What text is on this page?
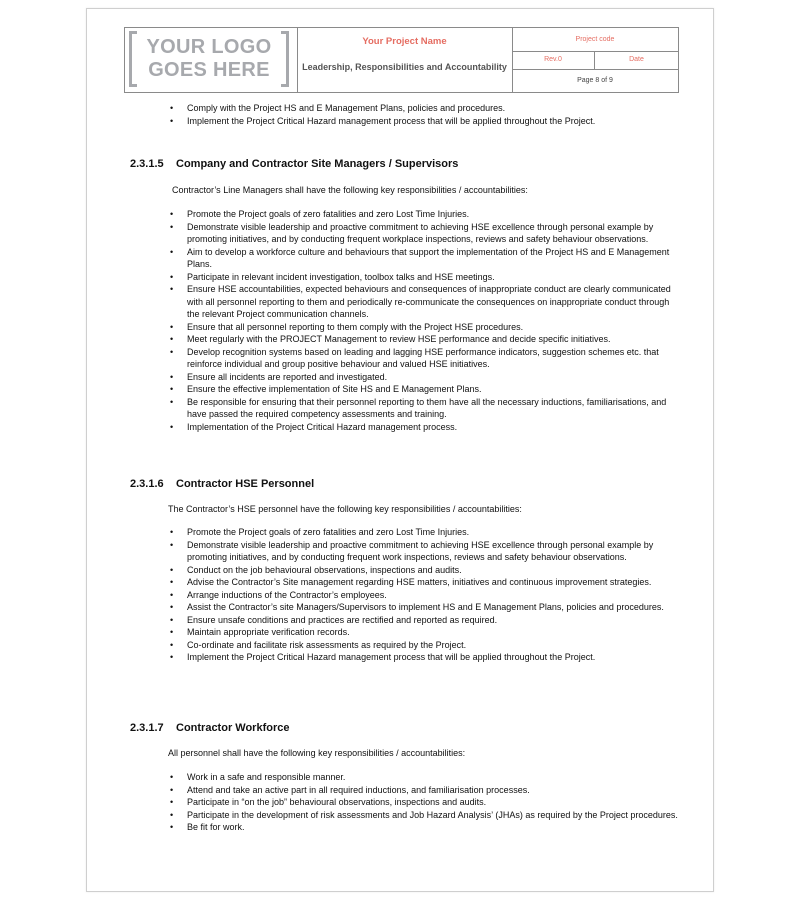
YOUR LOGO
GOES HERE
Your Project Name
Leadership, Responsibilities and Accountability
Project code
Rev.0	Date
Page 8 of 9
• Comply with the Project HS and E Management Plans, policies and procedures.
• Implement the Project Critical Hazard management process that will be applied throughout the Project.
2.3.1.5 Company and Contractor Site Managers / Supervisors

Contractor’s Line Managers shall have the following key responsibilities / accountabilities:

• Promote the Project goals of zero fatalities and zero Lost Time Injuries.
• Demonstrate visible leadership and proactive commitment to achieving HSE excellence through personal example by promoting initiatives, and by conducting frequent workplace inspections, reviews and safety behaviour observations.
• Aim to develop a workforce culture and behaviours that support the implementation of the Project HS and E Management Plans.
• Participate in relevant incident investigation, toolbox talks and HSE meetings.
• Ensure HSE accountabilities, expected behaviours and consequences of inappropriate conduct are clearly communicated with all personnel reporting to them and periodically re-communicate the consequences on inappropriate conduct through the relevant Project communication channels.
• Ensure that all personnel reporting to them comply with the Project HSE procedures.
• Meet regularly with the PROJECT Management to review HSE performance and decide specific initiatives.
• Develop recognition systems based on leading and lagging HSE performance indicators, suggestion schemes etc. that reinforce individual and group positive behaviour and valued HSE initiatives.
• Ensure all incidents are reported and investigated.
• Ensure the effective implementation of Site HS and E Management Plans.
• Be responsible for ensuring that their personnel reporting to them have all the necessary inductions, familiarisations, and have passed the required competency assessments and training.
• Implementation of the Project Critical Hazard management process.
2.3.1.6 Contractor HSE Personnel

The Contractor’s HSE personnel have the following key responsibilities / accountabilities:

• Promote the Project goals of zero fatalities and zero Lost Time Injuries.
• Demonstrate visible leadership and proactive commitment to achieving HSE excellence through personal example by promoting initiatives, and by conducting frequent work inspections, reviews and safety behaviour observations.
• Conduct on the job behavioural observations, inspections and audits.
• Advise the Contractor’s Site management regarding HSE matters, initiatives and continuous improvement strategies.
• Arrange inductions of the Contractor’s employees.
• Assist the Contractor’s site Managers/Supervisors to implement HS and E Management Plans, policies and procedures.
• Ensure unsafe conditions and practices are rectified and reported as required.
• Maintain appropriate verification records.
• Co-ordinate and facilitate risk assessments as required by the Project.
• Implement the Project Critical Hazard management process that will be applied throughout the Project.
2.3.1.7 Contractor Workforce

All personnel shall have the following key responsibilities / accountabilities:

• Work in a safe and responsible manner.
• Attend and take an active part in all required inductions, and familiarisation processes.
• Participate in “on the job” behavioural observations, inspections and audits.
• Participate in the development of risk assessments and Job Hazard Analysis’ (JHAs) as required by the Project procedures.
• Be fit for work.
